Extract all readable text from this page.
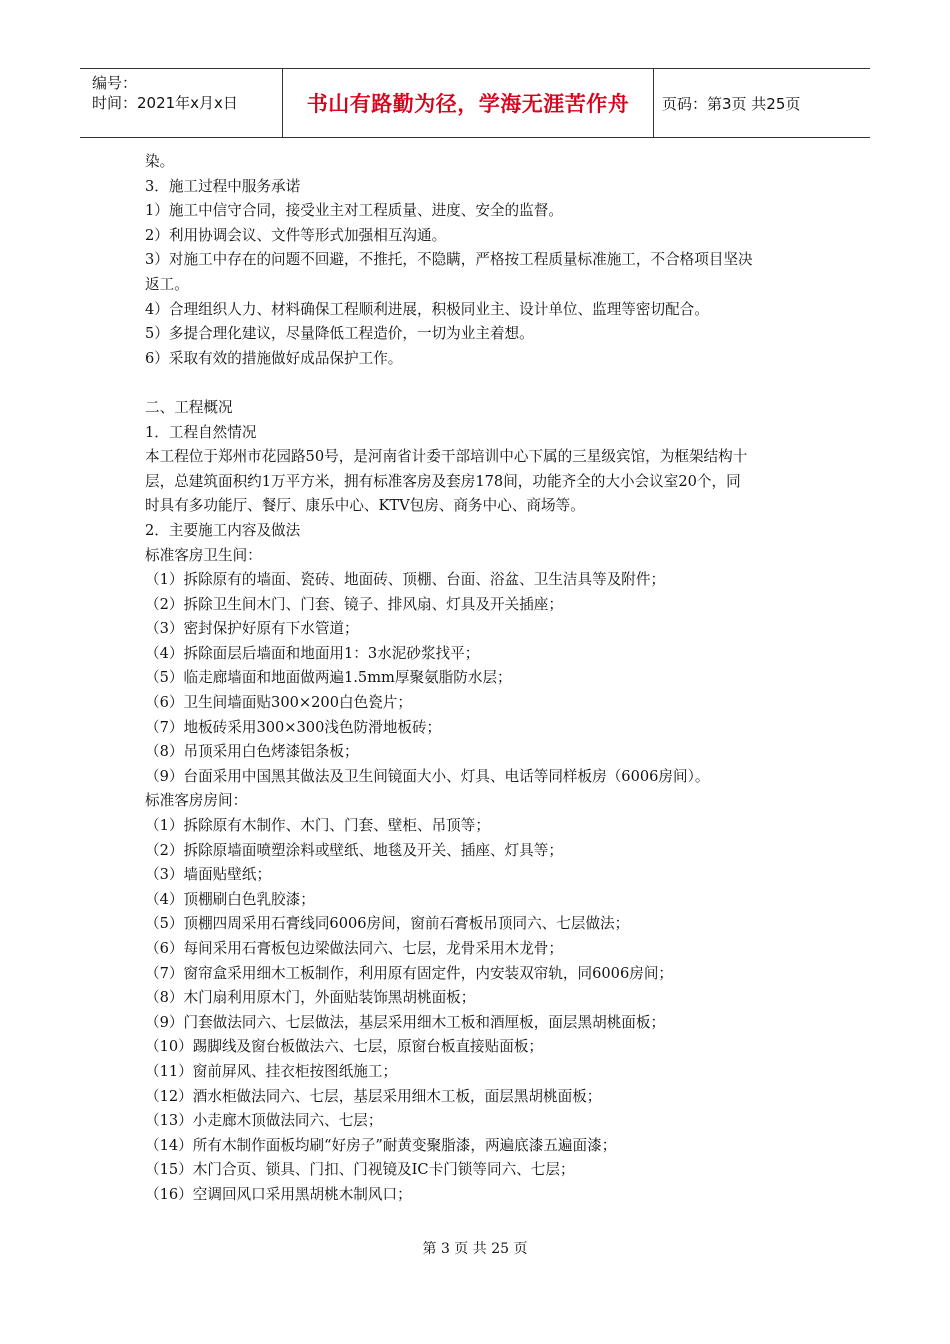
编号：
时间：2021年x月x日	书山有路勤为径，学海无涯苦作舟	页码：第3页 共25页

染。

3．施工过程中服务承诺

1）施工中信守合同，接受业主对工程质量、进度、安全的监督。

2）利用协调会议、文件等形式加强相互沟通。

3）对施工中存在的问题不回避，不推托，不隐瞒，严格按工程质量标准施工，不合格项目坚决

返工。

4）合理组织人力、材料确保工程顺利进展，积极同业主、设计单位、监理等密切配合。

5）多提合理化建议，尽量降低工程造价，一切为业主着想。

6）采取有效的措施做好成品保护工作。

二、工程概况

1．工程自然情况

本工程位于郑州市花园路50号，是河南省计委干部培训中心下属的三星级宾馆，为框架结构十

层，总建筑面积约1万平方米，拥有标准客房及套房178间，功能齐全的大小会议室20个，同

时具有多功能厅、餐厅、康乐中心、KTV包房、商务中心、商场等。

2．主要施工内容及做法

标准客房卫生间：

（1）拆除原有的墙面、瓷砖、地面砖、顶棚、台面、浴盆、卫生洁具等及附件；

（2）拆除卫生间木门、门套、镜子、排风扇、灯具及开关插座；

（3）密封保护好原有下水管道；

（4）拆除面层后墙面和地面用1：3水泥砂浆找平；

（5）临走廊墙面和地面做两遍1.5mm厚聚氨脂防水层；

（6）卫生间墙面贴300×200白色瓷片；

（7）地板砖采用300×300浅色防滑地板砖；

（8）吊顶采用白色烤漆铝条板；

（9）台面采用中国黑其做法及卫生间镜面大小、灯具、电话等同样板房（6006房间）。

标准客房房间：

（1）拆除原有木制作、木门、门套、壁柜、吊顶等；

（2）拆除原墙面喷塑涂料或壁纸、地毯及开关、插座、灯具等；

（3）墙面贴壁纸；

（4）顶棚刷白色乳胶漆；

（5）顶棚四周采用石膏线同6006房间，窗前石膏板吊顶同六、七层做法；

（6）每间采用石膏板包边梁做法同六、七层，龙骨采用木龙骨；

（7）窗帘盒采用细木工板制作，利用原有固定件，内安装双帘轨，同6006房间；

（8）木门扇利用原木门，外面贴装饰黑胡桃面板；

（9）门套做法同六、七层做法，基层采用细木工板和酒厘板，面层黑胡桃面板；

（10）踢脚线及窗台板做法六、七层，原窗台板直接贴面板；

（11）窗前屏风、挂衣柜按图纸施工；

（12）酒水柜做法同六、七层，基层采用细木工板，面层黑胡桃面板；

（13）小走廊木顶做法同六、七层；

（14）所有木制作面板均刷“好房子”耐黄变聚脂漆，两遍底漆五遍面漆；

（15）木门合页、锁具、门扣、门视镜及IC卡门锁等同六、七层；

（16）空调回风口采用黑胡桃木制风口；

第 3 页 共 25 页
